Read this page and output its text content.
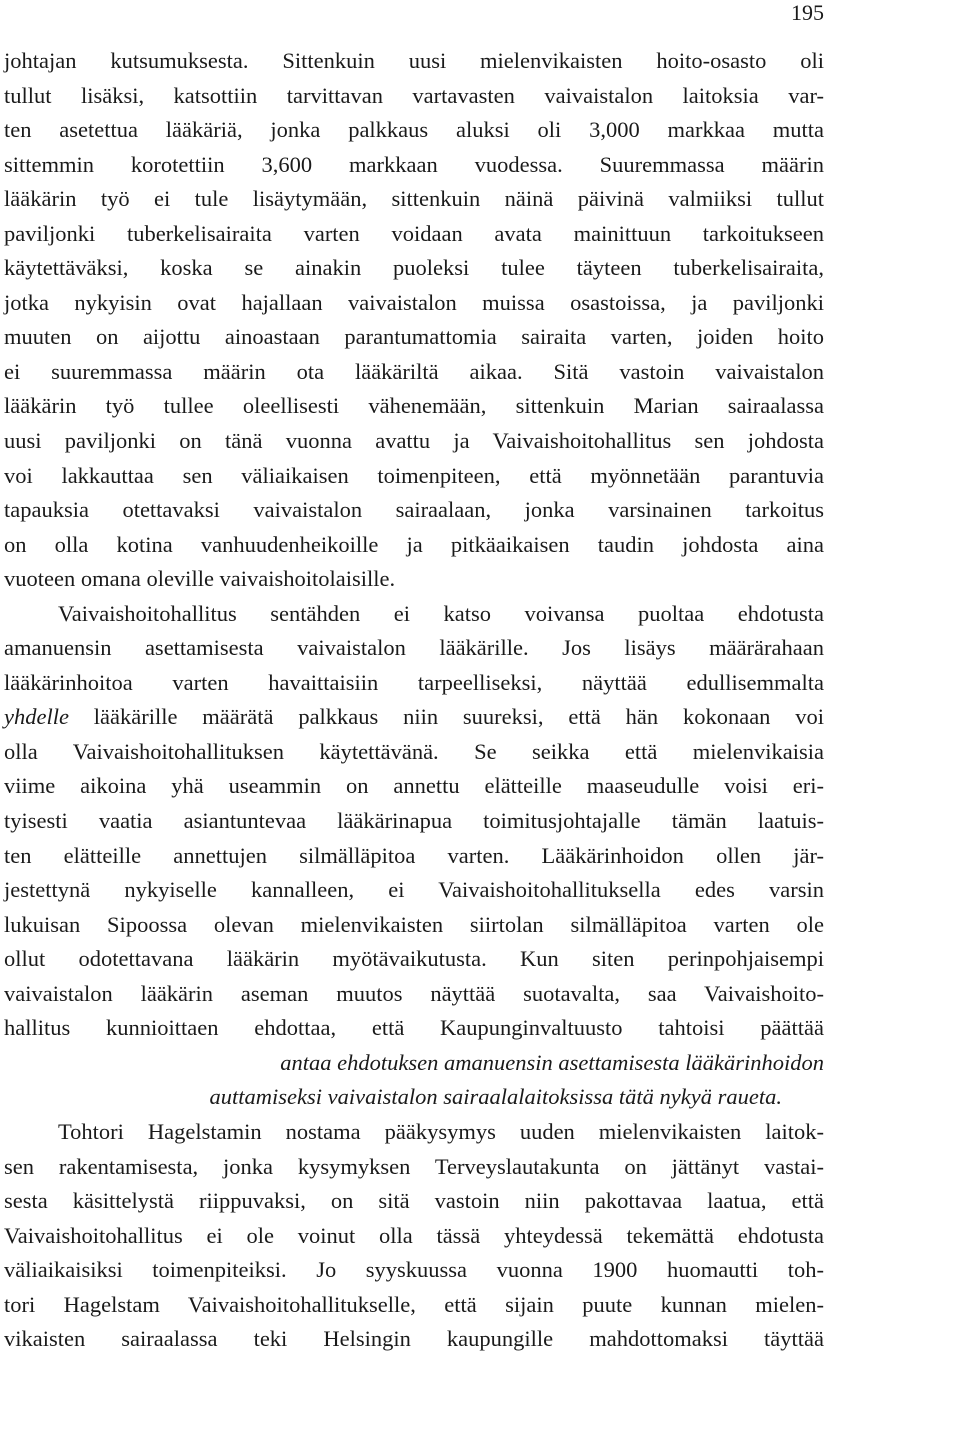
195
johtajan kutsumuksesta. Sittenkuin uusi mielenvikaisten hoito-osasto oli
tullut lisäksi, katsottiin tarvittavan vartavasten vaivaistalon laitoksia var-
ten asetettua lääkäriä, jonka palkkaus aluksi oli 3,000 markkaa mutta
sittemmin korotettiin 3,600 markkaan vuodessa. Suuremmassa määrin
lääkärin työ ei tule lisäytymään, sittenkuin näinä päivinä valmiiksi tullut
paviljonki tuberkelisairaita varten voidaan avata mainittuun tarkoitukseen
käytettäväksi, koska se ainakin puoleksi tulee täyteen tuberkelisairaita,
jotka nykyisin ovat hajallaan vaivaistalon muissa osastoissa, ja paviljonki
muuten on aijottu ainoastaan parantumattomia sairaita varten, joiden hoito
ei suuremmassa määrin ota lääkäriltä aikaa. Sitä vastoin vaivaistalon
lääkärin työ tullee oleellisesti vähenemään, sittenkuin Marian sairaalassa
uusi paviljonki on tänä vuonna avattu ja Vaivaishoitohallitus sen johdosta
voi lakkauttaa sen väliaikaisen toimenpiteen, että myönnetään parantuvia
tapauksia otettavaksi vaivaistalon sairaalaan, jonka varsinainen tarkoitus
on olla kotina vanhuudenheikoille ja pitkäaikaisen taudin johdosta aina
vuoteen omana oleville vaivaishoitolaisille.
Vaivaishoitohallitus sentähden ei katso voivansa puoltaa ehdotusta
amanuensin asettamisesta vaivaistalon lääkärille. Jos lisäys määrärahaan
lääkärinhoitoa varten havaittaisiin tarpeelliseksi, näyttää edullisemmalta
yhdelle lääkärille määrätä palkkaus niin suureksi, että hän kokonaan voi
olla Vaivaishoitohallituksen käytettävänä. Se seikka että mielenvikaisia
viime aikoina yhä useammin on annettu elätteille maaseudulle voisi eri-
tyisesti vaatia asiantuntevaa lääkärinapua toimitusjohtajalle tämän laatuis-
ten elätteille annettujen silmälläpitoa varten. Lääkärinhoidon ollen jär-
jestettynä nykyiselle kannalleen, ei Vaivaishoitohallituksella edes varsin
lukuisan Sipoossa olevan mielenvikaisten siirtolan silmälläpitoa varten ole
ollut odotettavana lääkärin myötävaikutusta. Kun siten perinpohjaisempi
vaivaistalon lääkärin aseman muutos näyttää suotavalta, saa Vaivaishoito-
hallitus kunnioittaen ehdottaa, että Kaupunginvaltuusto tahtoisi päättää
antaa ehdotuksen amanuensin asettamisesta lääkärinhoidon
auttamiseksi vaivaistalon sairaalalaitoksissa tätä nykyä raueta.
Tohtori Hagelstamin nostama pääkysymys uuden mielenvikaisten laitok-
sen rakentamisesta, jonka kysymyksen Terveyslautakunta on jättänyt vastai-
sesta käsittelystä riippuvaksi, on sitä vastoin niin pakottavaa laatua, että
Vaivaishoitohallitus ei ole voinut olla tässä yhteydessä tekemättä ehdotusta
väliaikaisiksi toimenpiteiksi. Jo syyskuussa vuonna 1900 huomautti toh-
tori Hagelstam Vaivaishoitohallitukselle, että sijain puute kunnan mielen-
vikaisten sairaalassa teki Helsingin kaupungille mahdottomaksi täyttää
